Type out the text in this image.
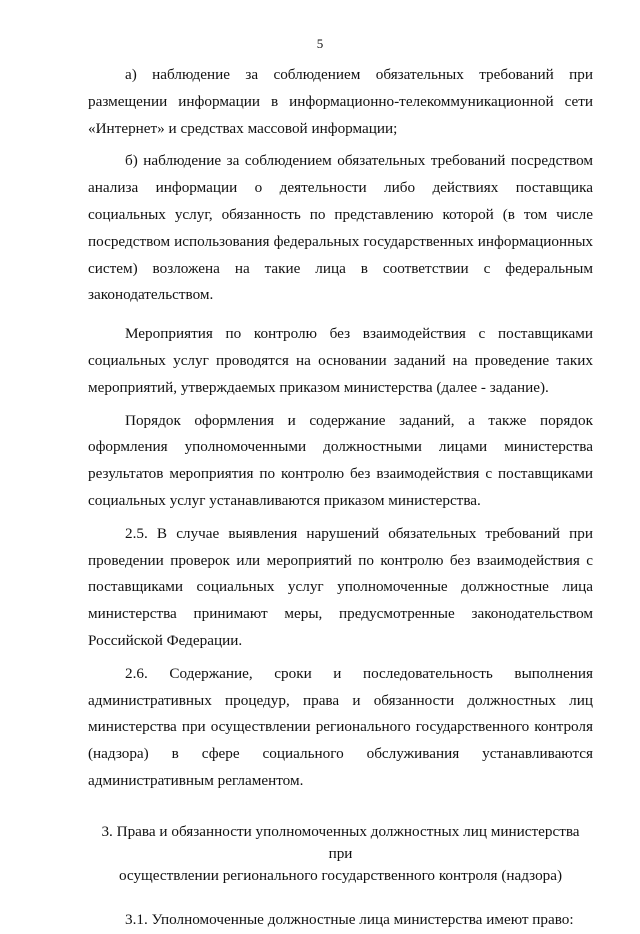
5

а) наблюдение за соблюдением обязательных требований при размещении информации в информационно-телекоммуникационной сети «Интернет» и средствах массовой информации;

б) наблюдение за соблюдением обязательных требований посредством анализа информации о деятельности либо действиях поставщика социальных услуг, обязанность по представлению которой (в том числе посредством использования федеральных государственных информационных систем) возложена на такие лица в соответствии с федеральным законодательством.

Мероприятия по контролю без взаимодействия с поставщиками социальных услуг проводятся на основании заданий на проведение таких мероприятий, утверждаемых приказом министерства (далее - задание).

Порядок оформления и содержание заданий, а также порядок оформления уполномоченными должностными лицами министерства результатов мероприятия по контролю без взаимодействия с поставщиками социальных услуг устанавливаются приказом министерства.

2.5. В случае выявления нарушений обязательных требований при проведении проверок или мероприятий по контролю без взаимодействия с поставщиками социальных услуг уполномоченные должностные лица министерства принимают меры, предусмотренные законодательством Российской Федерации.

2.6. Содержание, сроки и последовательность выполнения административных процедур, права и обязанности должностных лиц министерства при осуществлении регионального государственного контроля (надзора) в сфере социального обслуживания устанавливаются административным регламентом.

3. Права и обязанности уполномоченных должностных лиц министерства при
осуществлении регионального государственного контроля (надзора)

3.1. Уполномоченные должностные лица министерства имеют право:
